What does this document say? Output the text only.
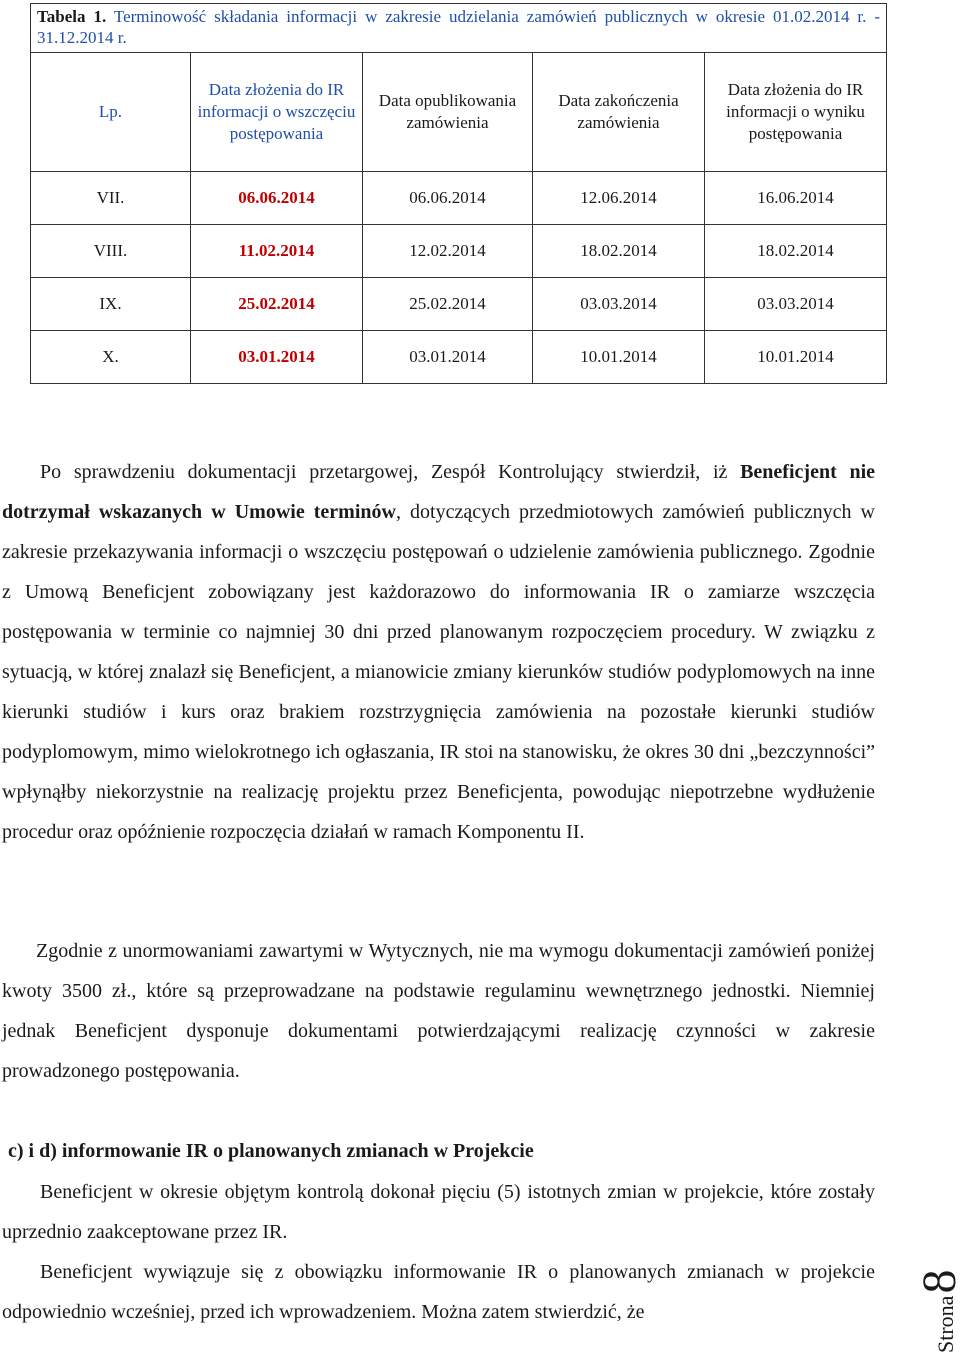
Tabela 1. Terminowość składania informacji w zakresie udzielania zamówień publicznych w okresie 01.02.2014 r. - 31.12.2014 r.				
Lp.	Data złożenia do IR informacji o wszczęciu postępowania	Data opublikowania zamówienia	Data zakończenia zamówienia	Data złożenia do IR informacji o wyniku postępowania
VII.	06.06.2014	06.06.2014	12.06.2014	16.06.2014
VIII.	11.02.2014	12.02.2014	18.02.2014	18.02.2014
IX.	25.02.2014	25.02.2014	03.03.2014	03.03.2014
X.	03.01.2014	03.01.2014	10.01.2014	10.01.2014
Po sprawdzeniu dokumentacji przetargowej, Zespół Kontrolujący stwierdził, iż Beneficjent nie dotrzymał wskazanych w Umowie terminów, dotyczących przedmiotowych zamówień publicznych w zakresie przekazywania informacji o wszczęciu postępowań o udzielenie zamówienia publicznego. Zgodnie z Umową Beneficjent zobowiązany jest każdorazowo do informowania IR o zamiarze wszczęcia postępowania w terminie co najmniej 30 dni przed planowanym rozpoczęciem procedury. W związku z sytuacją, w której znalazł się Beneficjent, a mianowicie zmiany kierunków studiów podyplomowych na inne kierunki studiów i kurs oraz brakiem rozstrzygnięcia zamówienia na pozostałe kierunki studiów podyplomowym, mimo wielokrotnego ich ogłaszania, IR stoi na stanowisku, że okres 30 dni „bezczynności” wpłynąłby niekorzystnie na realizację projektu przez Beneficjenta, powodując niepotrzebne wydłużenie procedur oraz opóźnienie rozpoczęcia działań w ramach Komponentu II.
Zgodnie z unormowaniami zawartymi w Wytycznych, nie ma wymogu dokumentacji zamówień poniżej kwoty 3500 zł., które są przeprowadzane na podstawie regulaminu wewnętrznego jednostki. Niemniej jednak Beneficjent dysponuje dokumentami potwierdzającymi realizację czynności w zakresie prowadzonego postępowania.
c) i d) informowanie IR o planowanych zmianach w Projekcie
Beneficjent w okresie objętym kontrolą dokonał pięciu (5) istotnych zmian w projekcie, które zostały uprzednio zaakceptowane przez IR.
Beneficjent wywiązuje się z obowiązku informowanie IR o planowanych zmianach w projekcie odpowiednio wcześniej, przed ich wprowadzeniem. Można zatem stwierdzić, że	Strona
8
